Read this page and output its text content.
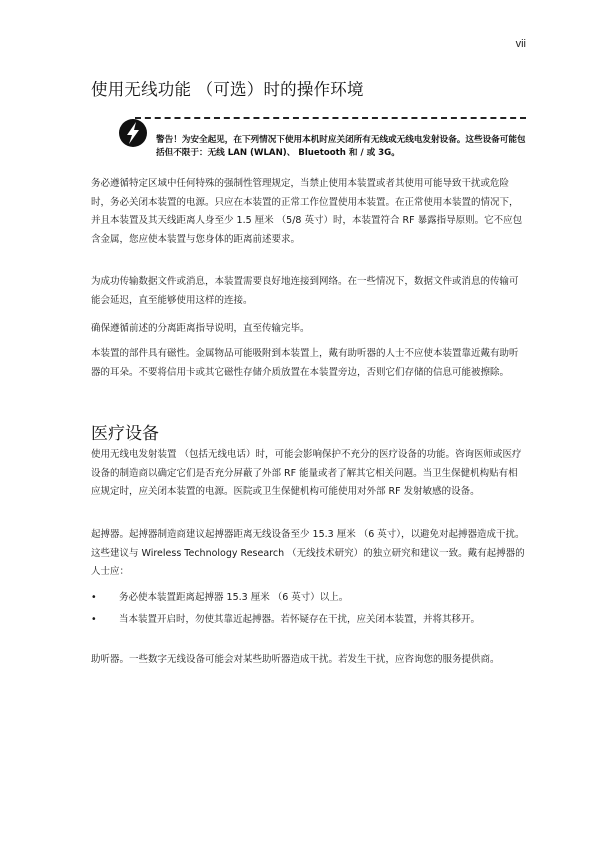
vii
使用无线功能 （可选）时的操作环境

警告！为安全起见，在下列情况下使用本机时应关闭所有无线或无线电发射设备。这些设备可能包括但不限于：无线 LAN (WLAN)、 Bluetooth 和 / 或 3G。

务必遵循特定区域中任何特殊的强制性管理规定，当禁止使用本装置或者其使用可能导致干扰或危险时，务必关闭本装置的电源。只应在本装置的正常工作位置使用本装置。在正常使用本装置的情况下，并且本装置及其天线距离人身至少 1.5 厘米 （5/8 英寸）时，本装置符合 RF 暴露指导原则。它不应包含金属，您应使本装置与您身体的距离前述要求。

为成功传输数据文件或消息，本装置需要良好地连接到网络。在一些情况下，数据文件或消息的传输可能会延迟，直至能够使用这样的连接。

确保遵循前述的分离距离指导说明，直至传输完毕。

本装置的部件具有磁性。金属物品可能吸附到本装置上，戴有助听器的人士不应使本装置靠近戴有助听器的耳朵。不要将信用卡或其它磁性存储介质放置在本装置旁边，否则它们存储的信息可能被擦除。

医疗设备

使用无线电发射装置 （包括无线电话）时，可能会影响保护不充分的医疗设备的功能。咨询医师或医疗设备的制造商以确定它们是否充分屏蔽了外部 RF 能量或者了解其它相关问题。当卫生保健机构贴有相应规定时，应关闭本装置的电源。医院或卫生保健机构可能使用对外部 RF 发射敏感的设备。

起搏器。起搏器制造商建议起搏器距离无线设备至少 15.3 厘米 （6 英寸），以避免对起搏器造成干扰。这些建议与 Wireless Technology Research （无线技术研究）的独立研究和建议一致。戴有起搏器的人士应：

•	务必使本装置距离起搏器 15.3 厘米 （6 英寸）以上。
•	当本装置开启时，勿使其靠近起搏器。若怀疑存在干扰，应关闭本装置，并将其移开。

助听器。一些数字无线设备可能会对某些助听器造成干扰。若发生干扰，应咨询您的服务提供商。
